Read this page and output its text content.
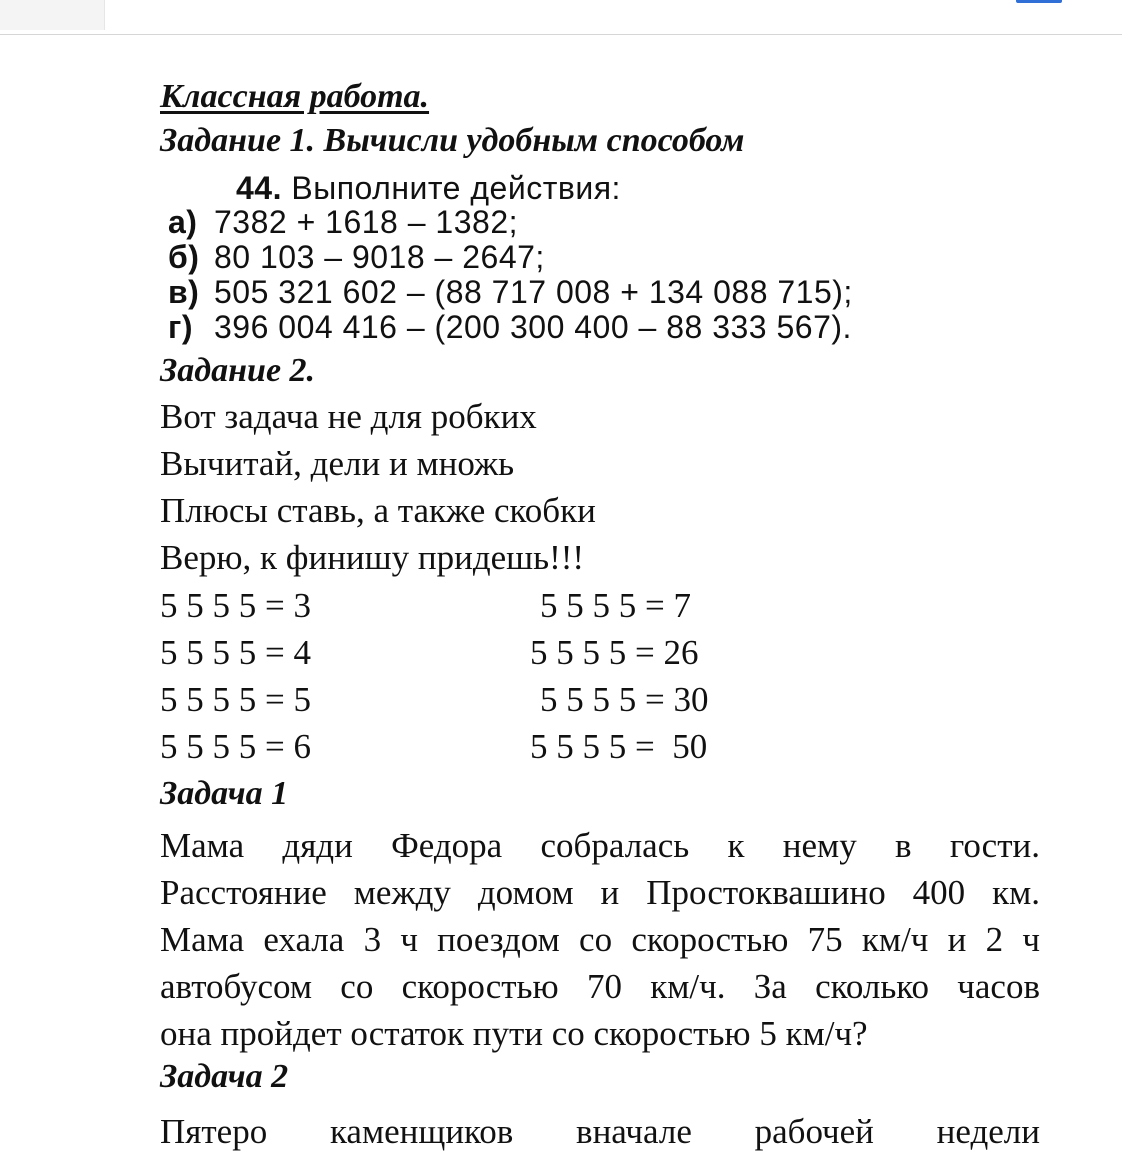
Классная работа.
Задание 1. Вычисли удобным способом
44. Выполните действия:
а) 7382 + 1618 – 1382;
б) 80 103 – 9018 – 2647;
в) 505 321 602 – (88 717 008 + 134 088 715);
г) 396 004 416 – (200 300 400 – 88 333 567).
Задание 2.
Вот задача не для робких
Вычитай, дели и множь
Плюсы ставь, а также скобки
Верю, к финишу придешь!!!
5 5 5 5 = 3	5 5 5 5 = 7
5 5 5 5 = 4	5 5 5 5 = 26
5 5 5 5 = 5	5 5 5 5 = 30
5 5 5 5 = 6	5 5 5 5 =  50
Задача 1
Мама дяди Федора собралась к нему в гости.
Расстояние между домом и Простоквашино 400 км.
Мама ехала 3 ч поездом со скоростью 75 км/ч и 2 ч
автобусом со скоростью 70 км/ч. За сколько часов
она пройдет остаток пути со скоростью 5 км/ч?
Задача 2
Пятеро каменщиков вначале рабочей недели
